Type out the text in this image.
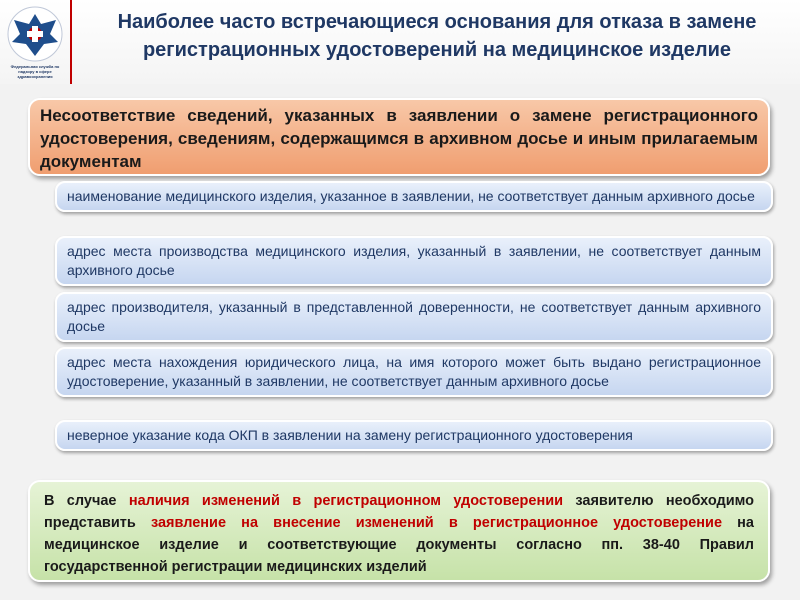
Федеральная служба по надзору в сфере здравоохранения
Наиболее часто встречающиеся основания для отказа в замене регистрационных удостоверений на медицинское изделие
Несоответствие сведений, указанных в заявлении о замене регистрационного удостоверения, сведениям, содержащимся в архивном досье и иным прилагаемым документам
наименование медицинского изделия, указанное в заявлении, не соответствует данным архивного досье
адрес места производства медицинского изделия, указанный в заявлении, не соответствует данным архивного досье
адрес производителя, указанный в представленной доверенности, не соответствует данным архивного досье
адрес места нахождения юридического лица, на имя которого может быть выдано регистрационное удостоверение, указанный в заявлении, не соответствует данным архивного досье
неверное указание кода ОКП в заявлении на замену регистрационного удостоверения
В случае наличия изменений в регистрационном удостоверении заявителю необходимо представить заявление на внесение изменений в регистрационное удостоверение на медицинское изделие и соответствующие документы согласно пп. 38-40 Правил государственной регистрации медицинских изделий
